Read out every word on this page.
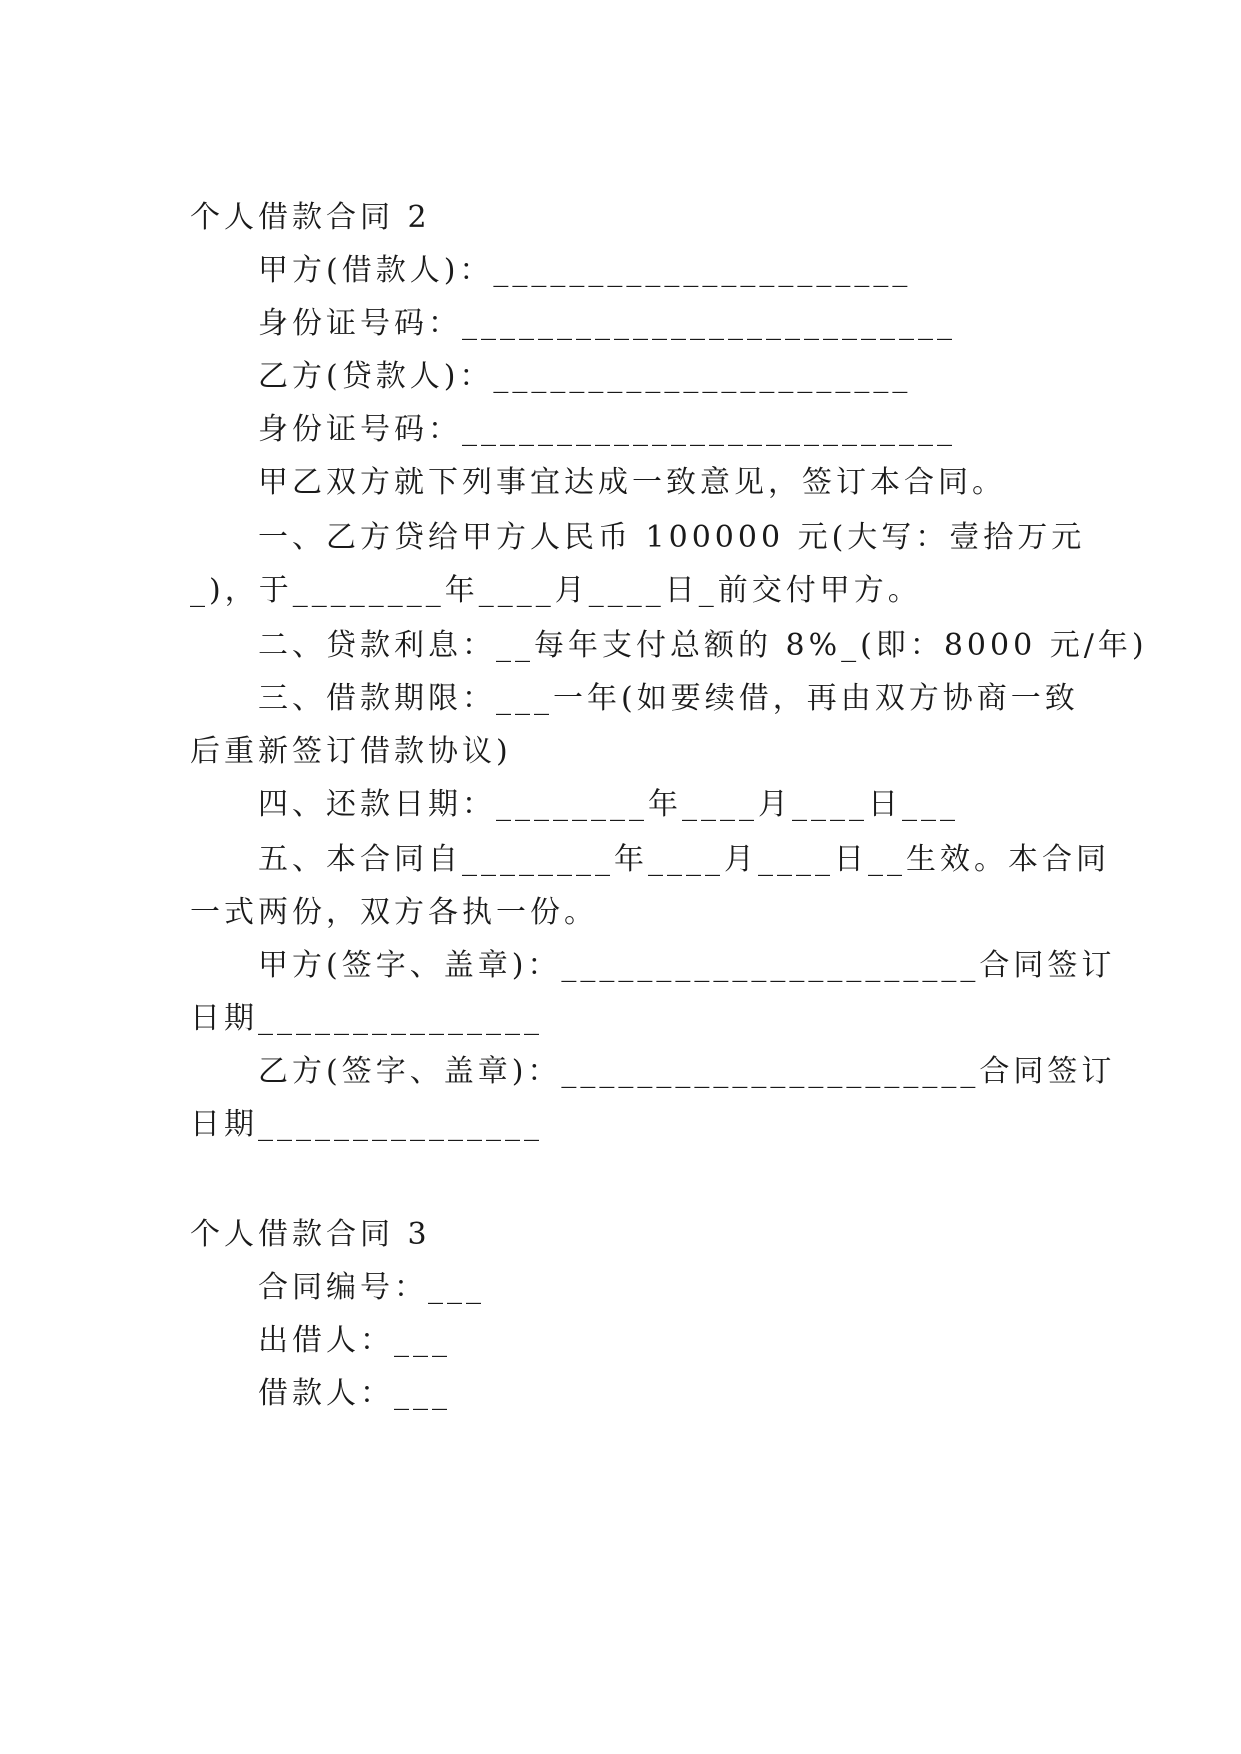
个人借款合同 2
甲方(借款人)：______________________
身份证号码：__________________________
乙方(贷款人)：______________________
身份证号码：__________________________
甲乙双方就下列事宜达成一致意见，签订本合同。
一、乙方贷给甲方人民币 100000 元(大写：壹拾万元
_)，于________年____月____日_前交付甲方。
二、贷款利息：__每年支付总额的 8%_(即：8000 元/年)
三、借款期限：___一年(如要续借，再由双方协商一致
后重新签订借款协议)
四、还款日期：________年____月____日___
五、本合同自________年____月____日__生效。本合同
一式两份，双方各执一份。
甲方(签字、盖章)：______________________合同签订
日期_______________
乙方(签字、盖章)：______________________合同签订
日期_______________
个人借款合同 3
合同编号：___
出借人：___
借款人：___
